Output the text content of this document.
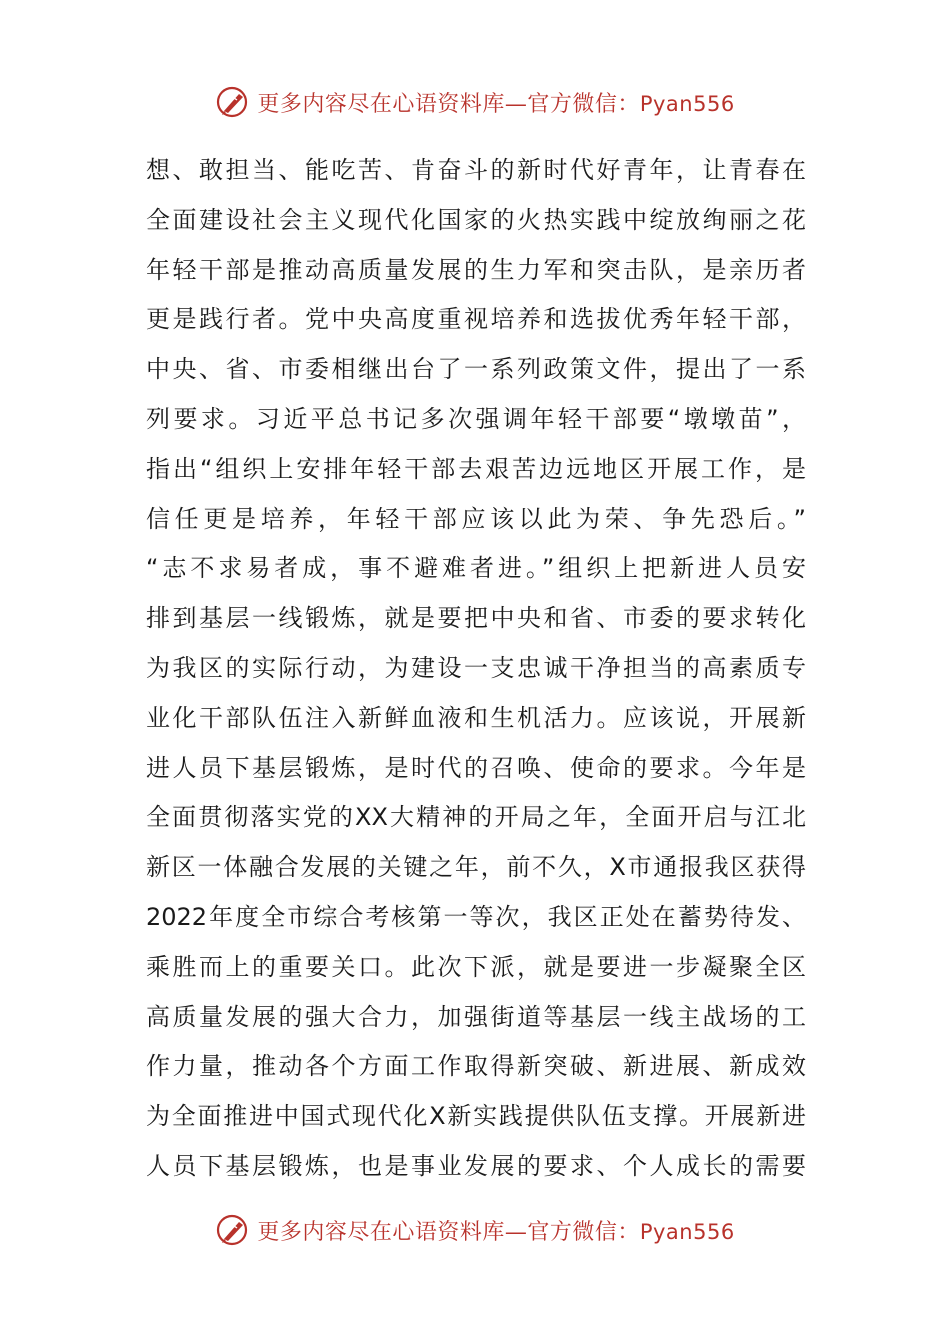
更多内容尽在心语资料库—官方微信：Pyan556
想、敢担当、能吃苦、肯奋斗的新时代好青年，让青春在
全面建设社会主义现代化国家的火热实践中绽放绚丽之花
年轻干部是推动高质量发展的生力军和突击队，是亲历者
更是践行者。党中央高度重视培养和选拔优秀年轻干部，
中央、省、市委相继出台了一系列政策文件，提出了一系
列要求。习近平总书记多次强调年轻干部要“墩墩苗”，
指出“组织上安排年轻干部去艰苦边远地区开展工作，是
信任更是培养，年轻干部应该以此为荣、争先恐后。”
“志不求易者成，事不避难者进。”组织上把新进人员安
排到基层一线锻炼，就是要把中央和省、市委的要求转化
为我区的实际行动，为建设一支忠诚干净担当的高素质专
业化干部队伍注入新鲜血液和生机活力。应该说，开展新
进人员下基层锻炼，是时代的召唤、使命的要求。今年是
全面贯彻落实党的XX大精神的开局之年，全面开启与江北
新区一体融合发展的关键之年，前不久，X市通报我区获得
2022年度全市综合考核第一等次，我区正处在蓄势待发、
乘胜而上的重要关口。此次下派，就是要进一步凝聚全区
高质量发展的强大合力，加强街道等基层一线主战场的工
作力量，推动各个方面工作取得新突破、新进展、新成效
为全面推进中国式现代化X新实践提供队伍支撑。开展新进
人员下基层锻炼，也是事业发展的要求、个人成长的需要
更多内容尽在心语资料库—官方微信：Pyan556
